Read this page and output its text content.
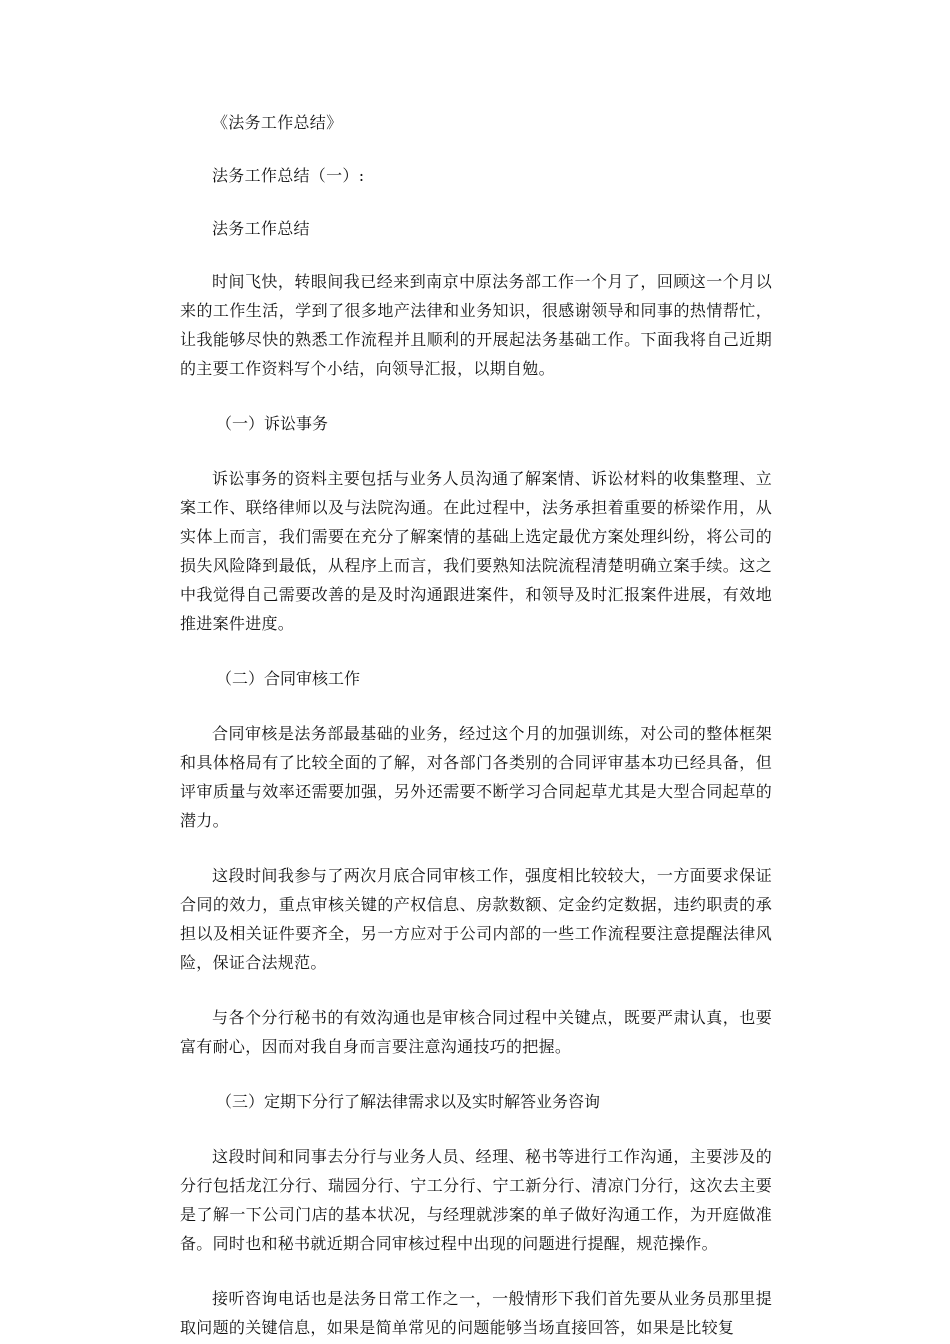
《法务工作总结》

法务工作总结（一）:

法务工作总结

时间飞快，转眼间我已经来到南京中原法务部工作一个月了，回顾这一个月以来的工作生活，学到了很多地产法律和业务知识，很感谢领导和同事的热情帮忙，让我能够尽快的熟悉工作流程并且顺利的开展起法务基础工作。下面我将自己近期的主要工作资料写个小结，向领导汇报，以期自勉。

（一）诉讼事务

诉讼事务的资料主要包括与业务人员沟通了解案情、诉讼材料的收集整理、立案工作、联络律师以及与法院沟通。在此过程中，法务承担着重要的桥梁作用，从实体上而言，我们需要在充分了解案情的基础上选定最优方案处理纠纷，将公司的损失风险降到最低，从程序上而言，我们要熟知法院流程清楚明确立案手续。这之中我觉得自己需要改善的是及时沟通跟进案件，和领导及时汇报案件进展，有效地推进案件进度。

（二）合同审核工作

合同审核是法务部最基础的业务，经过这个月的加强训练，对公司的整体框架和具体格局有了比较全面的了解，对各部门各类别的合同评审基本功已经具备，但评审质量与效率还需要加强，另外还需要不断学习合同起草尤其是大型合同起草的潜力。

这段时间我参与了两次月底合同审核工作，强度相比较较大，一方面要求保证合同的效力，重点审核关键的产权信息、房款数额、定金约定数据，违约职责的承担以及相关证件要齐全，另一方应对于公司内部的一些工作流程要注意提醒法律风险，保证合法规范。

与各个分行秘书的有效沟通也是审核合同过程中关键点，既要严肃认真，也要富有耐心，因而对我自身而言要注意沟通技巧的把握。

（三）定期下分行了解法律需求以及实时解答业务咨询

这段时间和同事去分行与业务人员、经理、秘书等进行工作沟通，主要涉及的分行包括龙江分行、瑞园分行、宁工分行、宁工新分行、清凉门分行，这次去主要是了解一下公司门店的基本状况，与经理就涉案的单子做好沟通工作，为开庭做准备。同时也和秘书就近期合同审核过程中出现的问题进行提醒，规范操作。

接听咨询电话也是法务日常工作之一，一般情形下我们首先要从业务员那里提取问题的关键信息，如果是简单常见的问题能够当场直接回答，如果是比较复
